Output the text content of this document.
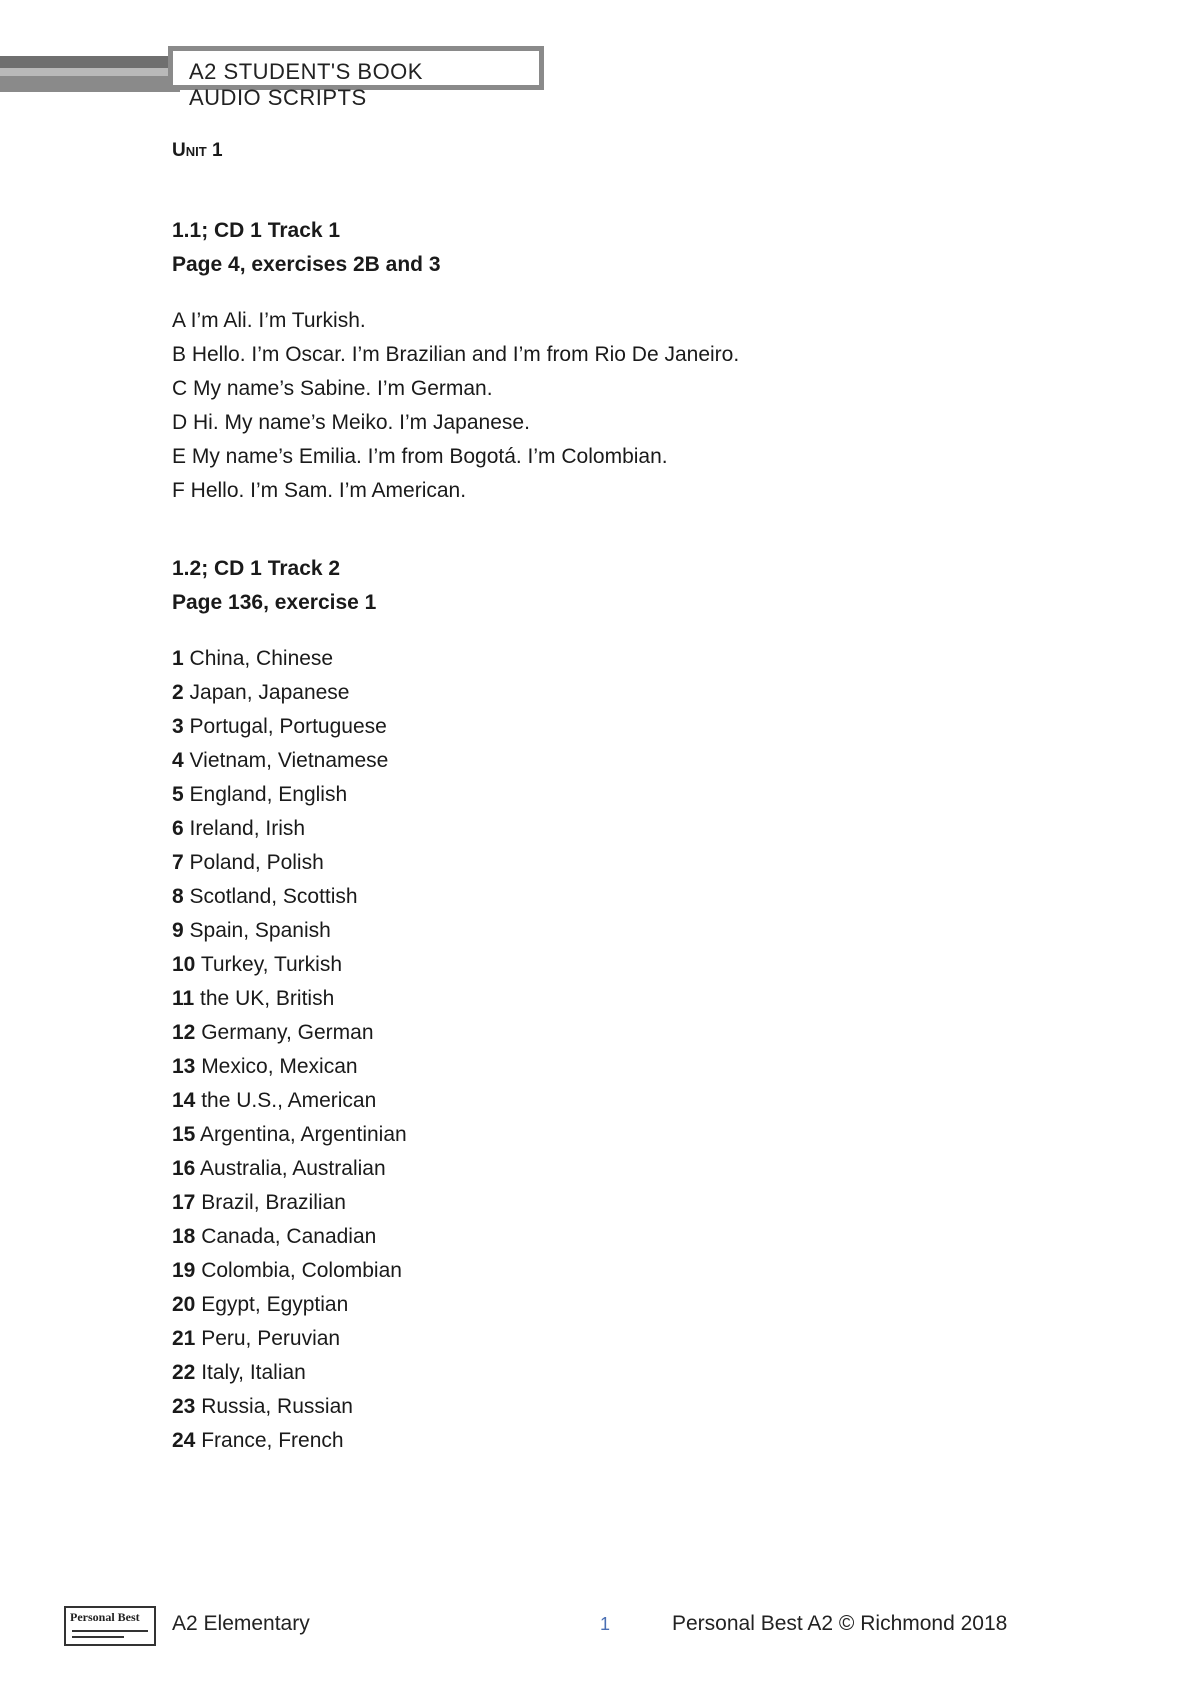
A2 STUDENT'S BOOK
AUDIO SCRIPTS
Unit 1
1.1; CD 1 Track 1
Page 4, exercises 2B and 3
A I’m Ali. I’m Turkish.
B Hello. I’m Oscar. I’m Brazilian and I’m from Rio De Janeiro.
C My name’s Sabine. I’m German.
D Hi. My name’s Meiko. I’m Japanese.
E My name’s Emilia. I’m from Bogotá. I’m Colombian.
F Hello. I’m Sam. I’m American.
1.2; CD 1 Track 2
Page 136, exercise 1
1 China, Chinese
2 Japan, Japanese
3 Portugal, Portuguese
4 Vietnam, Vietnamese
5 England, English
6 Ireland, Irish
7 Poland, Polish
8 Scotland, Scottish
9 Spain, Spanish
10 Turkey, Turkish
11 the UK, British
12 Germany, German
13 Mexico, Mexican
14 the U.S., American
15 Argentina, Argentinian
16 Australia, Australian
17 Brazil, Brazilian
18 Canada, Canadian
19 Colombia, Colombian
20 Egypt, Egyptian
21 Peru, Peruvian
22 Italy, Italian
23 Russia, Russian
24 France, French
Personal Best A2 Elementary	1	Personal Best A2 © Richmond 2018
